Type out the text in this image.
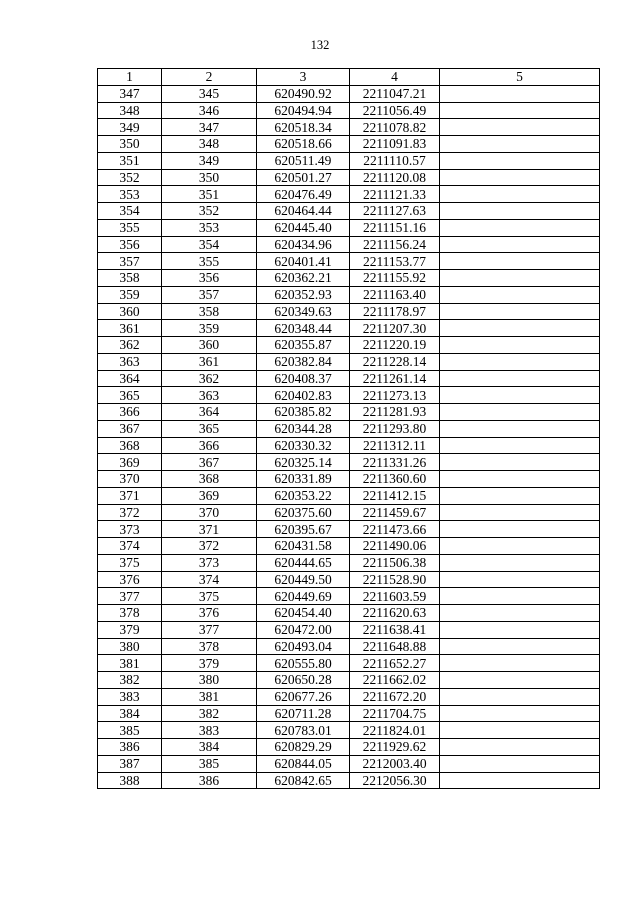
132
1	2	3	4	5
347	345	620490.92	2211047.21	
348	346	620494.94	2211056.49	
349	347	620518.34	2211078.82	
350	348	620518.66	2211091.83	
351	349	620511.49	2211110.57	
352	350	620501.27	2211120.08	
353	351	620476.49	2211121.33	
354	352	620464.44	2211127.63	
355	353	620445.40	2211151.16	
356	354	620434.96	2211156.24	
357	355	620401.41	2211153.77	
358	356	620362.21	2211155.92	
359	357	620352.93	2211163.40	
360	358	620349.63	2211178.97	
361	359	620348.44	2211207.30	
362	360	620355.87	2211220.19	
363	361	620382.84	2211228.14	
364	362	620408.37	2211261.14	
365	363	620402.83	2211273.13	
366	364	620385.82	2211281.93	
367	365	620344.28	2211293.80	
368	366	620330.32	2211312.11	
369	367	620325.14	2211331.26	
370	368	620331.89	2211360.60	
371	369	620353.22	2211412.15	
372	370	620375.60	2211459.67	
373	371	620395.67	2211473.66	
374	372	620431.58	2211490.06	
375	373	620444.65	2211506.38	
376	374	620449.50	2211528.90	
377	375	620449.69	2211603.59	
378	376	620454.40	2211620.63	
379	377	620472.00	2211638.41	
380	378	620493.04	2211648.88	
381	379	620555.80	2211652.27	
382	380	620650.28	2211662.02	
383	381	620677.26	2211672.20	
384	382	620711.28	2211704.75	
385	383	620783.01	2211824.01	
386	384	620829.29	2211929.62	
387	385	620844.05	2212003.40	
388	386	620842.65	2212056.30	
